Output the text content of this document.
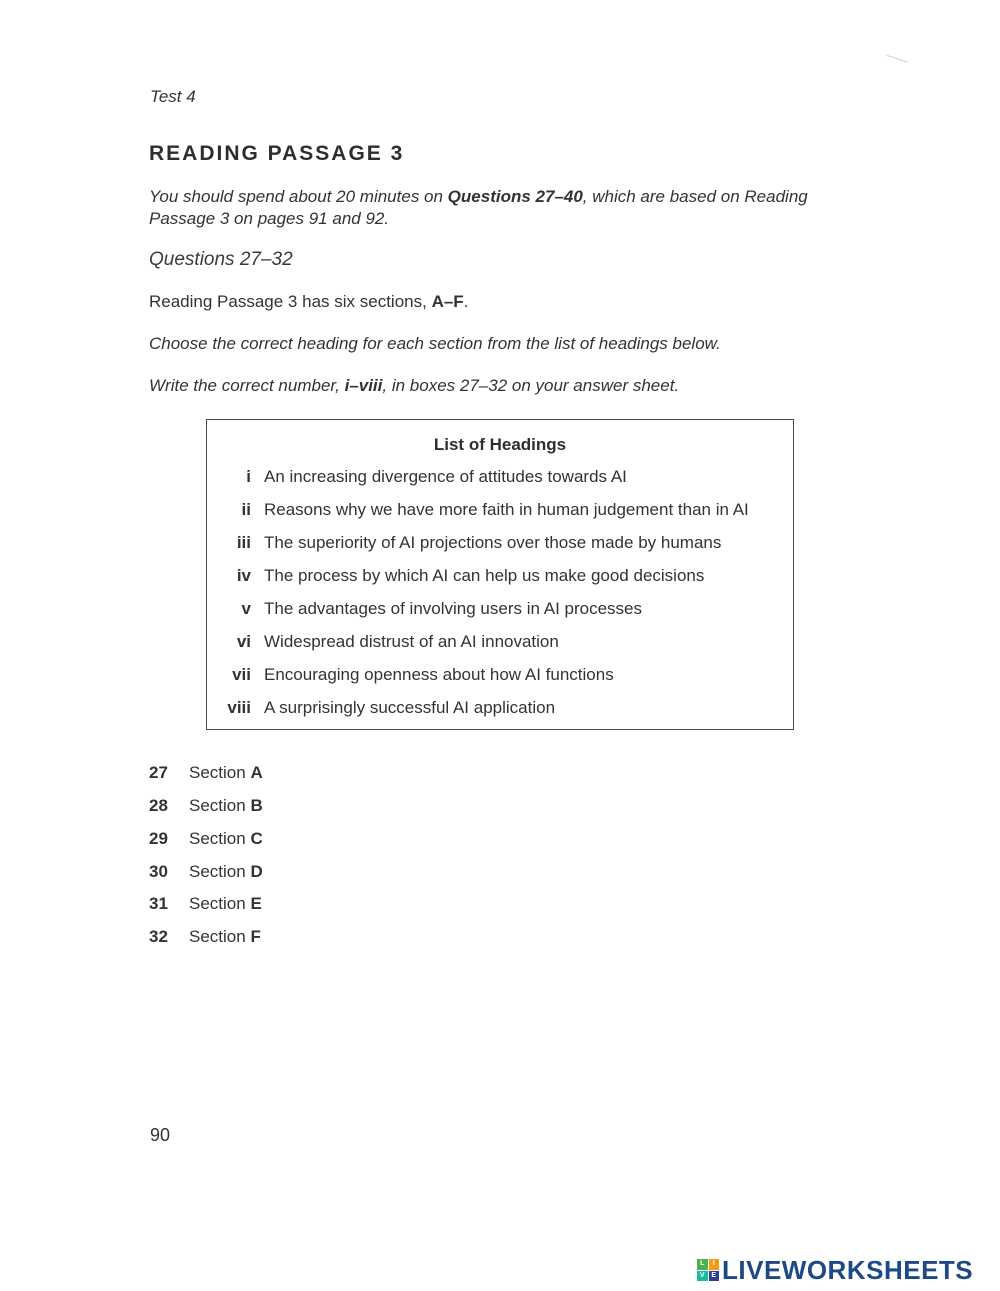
Test 4
READING PASSAGE 3
You should spend about 20 minutes on Questions 27–40, which are based on Reading Passage 3 on pages 91 and 92.
Questions 27–32
Reading Passage 3 has six sections, A–F.
Choose the correct heading for each section from the list of headings below.
Write the correct number, i–viii, in boxes 27–32 on your answer sheet.
List of Headings
i An increasing divergence of attitudes towards AI
ii Reasons why we have more faith in human judgement than in AI
iii The superiority of AI projections over those made by humans
iv The process by which AI can help us make good decisions
v The advantages of involving users in AI processes
vi Widespread distrust of an AI innovation
vii Encouraging openness about how AI functions
viii A surprisingly successful AI application
27 Section A
28 Section B
29 Section C
30 Section D
31 Section E
32 Section F
90
L	I
V E LIVEWORKSHEETS
